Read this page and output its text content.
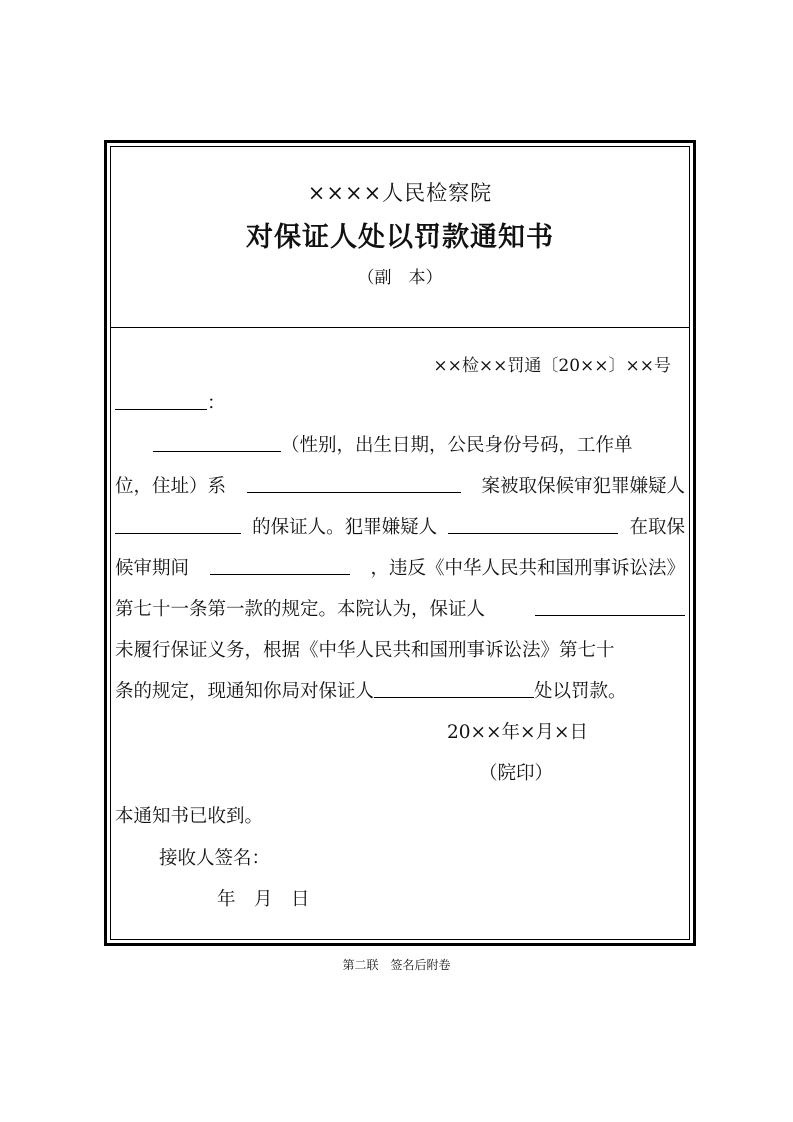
××××人民检察院
对保证人处以罚款通知书
（副　本）
××检××罚通〔20××〕××号
：
（性别，出生日期，公民身份号码，工作单
位，住址）系	案被取保候审犯罪嫌疑人
的保证人。犯罪嫌疑人	在取保
候审期间	，违反《中华人民共和国刑事诉讼法》
第七十一条第一款的规定。本院认为，保证人
未履行保证义务，根据《中华人民共和国刑事诉讼法》第七十
条的规定，现通知你局对保证人	处以罚款。
20××年×月×日
（院印）
本通知书已收到。
接收人签名：
年　月　日
第二联　签名后附卷
